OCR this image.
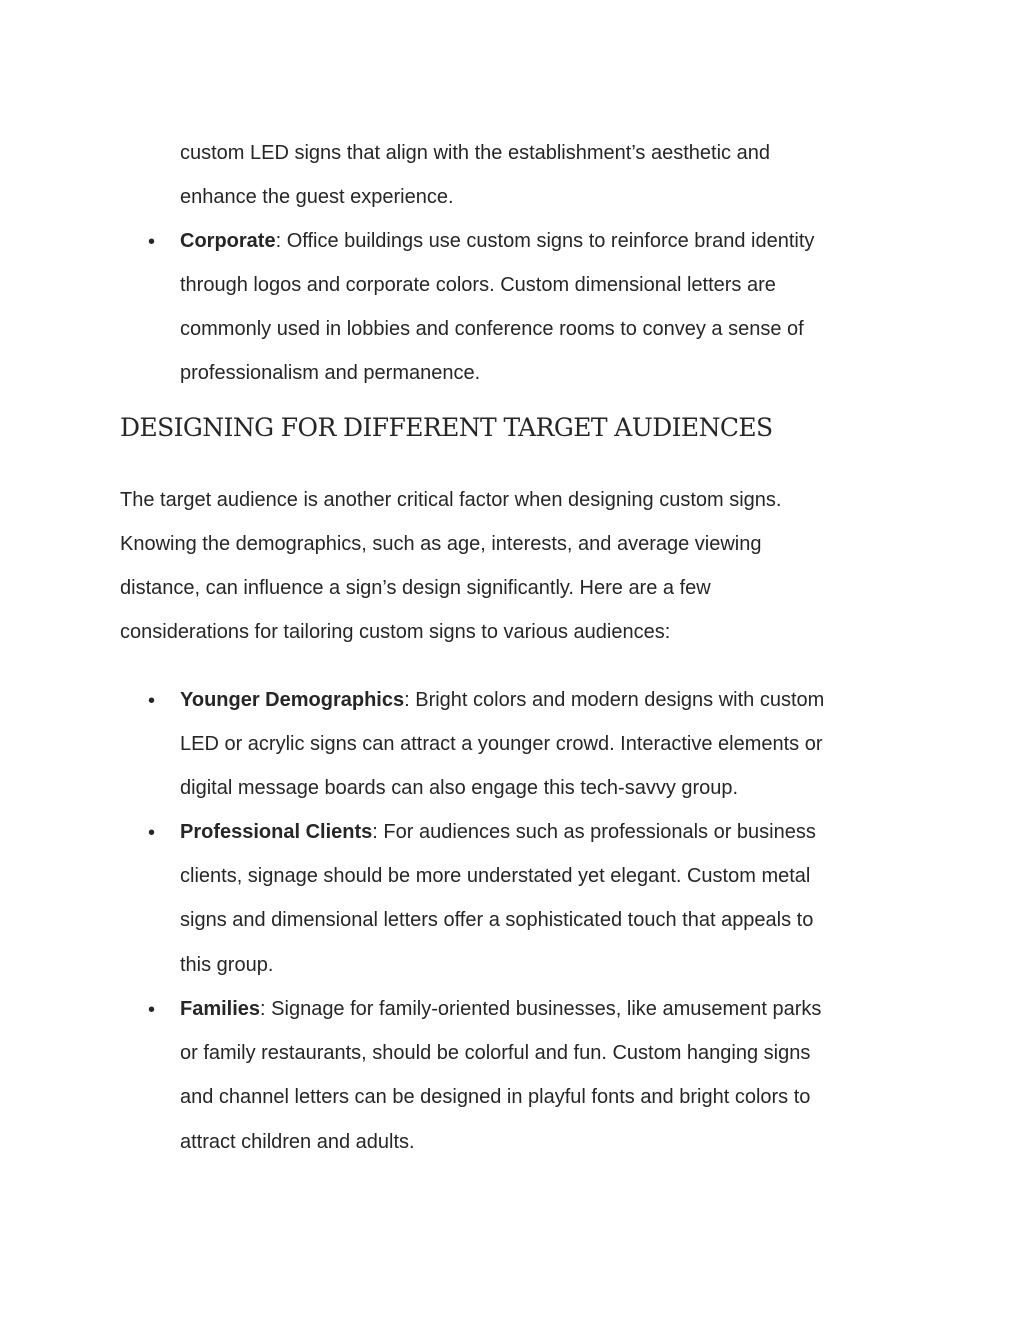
custom LED signs that align with the establishment’s aesthetic and
enhance the guest experience.
• Corporate: Office buildings use custom signs to reinforce brand identity
through logos and corporate colors. Custom dimensional letters are
commonly used in lobbies and conference rooms to convey a sense of
professionalism and permanence.
DESIGNING FOR DIFFERENT TARGET AUDIENCES
The target audience is another critical factor when designing custom signs.
Knowing the demographics, such as age, interests, and average viewing
distance, can influence a sign’s design significantly. Here are a few
considerations for tailoring custom signs to various audiences:
• Younger Demographics: Bright colors and modern designs with custom
LED or acrylic signs can attract a younger crowd. Interactive elements or
digital message boards can also engage this tech-savvy group.
• Professional Clients: For audiences such as professionals or business
clients, signage should be more understated yet elegant. Custom metal
signs and dimensional letters offer a sophisticated touch that appeals to
this group.
• Families: Signage for family-oriented businesses, like amusement parks
or family restaurants, should be colorful and fun. Custom hanging signs
and channel letters can be designed in playful fonts and bright colors to
attract children and adults.
